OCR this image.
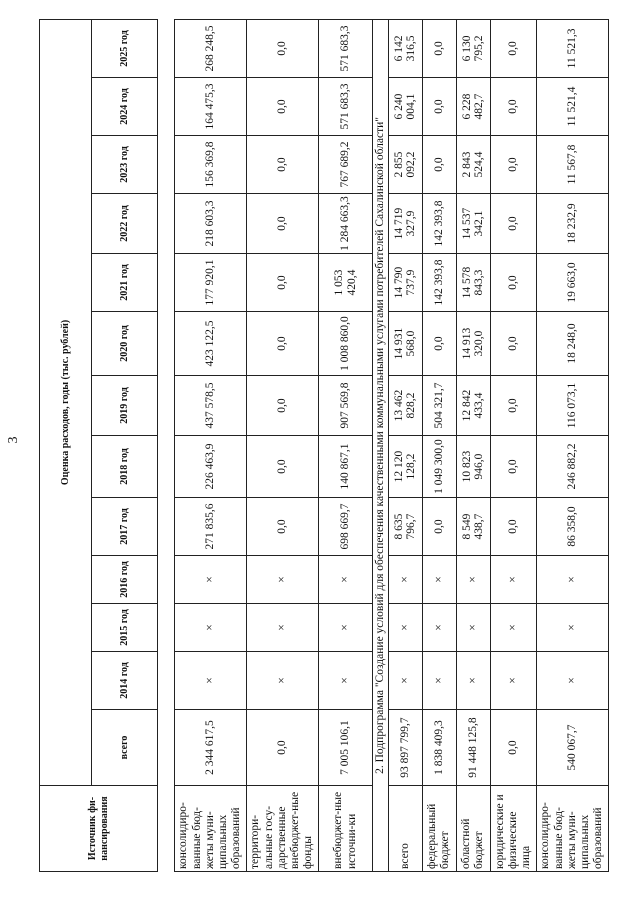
3
Источник фи-нансирования	Оценка расходов, годы (тыс. рублей)												
	всего	2014 год	2015 год	2016 год	2017 год	2018 год	2019 год	2020 год	2021 год	2022 год	2023 год	2024 год	2025 год

консолидиро-ванные бюд-жеты муни-ципальных образований	2 344 617,5	×	×	×	271 835,6	226 463,9	437 578,5	423 122,5	177 920,1	218 603,3	156 369,8	164 475,3	268 248,5
территори-альные госу-дарственные внебюджет-ные фонды	0,0	×	×	×	0,0	0,0	0,0	0,0	0,0	0,0	0,0	0,0	0,0
внебюджет-ные источни-ки	7 005 106,1	×	×	×	698 669,7	140 867,1	907 569,8	1 008 860,0	1 053 420,4	1 284 663,3	767 689,2	571 683,3	571 683,3
2. Подпрограмма "Создание условий для обеспечения качественными коммунальными услугами потребителей Сахалинской области"													
всего	93 897 799,7	×	×	×	8 635 796,7	12 120 128,2	13 462 828,2	14 931 568,0	14 790 737,9	14 719 327,9	2 855 092,2	6 240 004,1	6 142 316,5
федеральный бюджет	1 838 409,3	×	×	×	0,0	1 049 300,0	504 321,7	0,0	142 393,8	142 393,8	0,0	0,0	0,0
областной бюджет	91 448 125,8	×	×	×	8 549 438,7	10 823 946,0	12 842 433,4	14 913 320,0	14 578 843,3	14 537 342,1	2 843 524,4	6 228 482,7	6 130 795,2
юридические и физические лица	0,0	×	×	×	0,0	0,0	0,0	0,0	0,0	0,0	0,0	0,0	0,0
консолидиро-ванные бюд-жеты муни-ципальных образований	540 067,7	×	×	×	86 358,0	246 882,2	116 073,1	18 248,0	19 663,0	18 232,9	11 567,8	11 521,4	11 521,3
